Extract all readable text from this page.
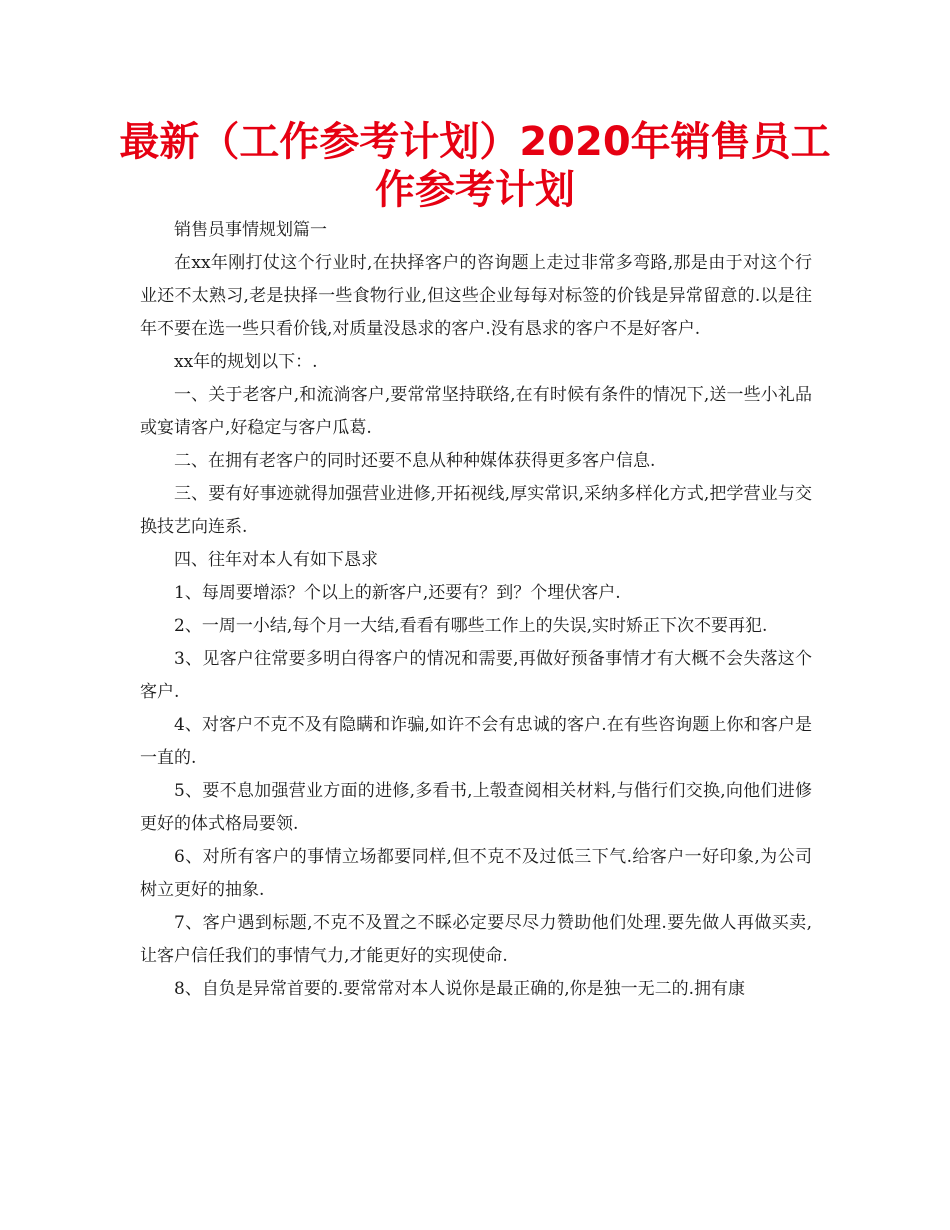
最新（工作参考计划）2020年销售员工作参考计划

销售员事情规划篇一

在xx年刚打仗这个行业时,在抉择客户的咨询题上走过非常多弯路,那是由于对这个行业还不太熟习,老是抉择一些食物行业,但这些企业每每对标签的价钱是异常留意的.以是往年不要在选一些只看价钱,对质量没恳求的客户.没有恳求的客户不是好客户.

xx年的规划以下：.

一、关于老客户,和流淌客户,要常常坚持联络,在有时候有条件的情况下,送一些小礼品或宴请客户,好稳定与客户瓜葛.

二、在拥有老客户的同时还要不息从种种媒体获得更多客户信息.

三、要有好事迹就得加强营业进修,开拓视线,厚实常识,采纳多样化方式,把学营业与交换技艺向连系.

四、往年对本人有如下恳求

1、每周要增添？个以上的新客户,还要有？到？个埋伏客户.

2、一周一小结,每个月一大结,看看有哪些工作上的失误,实时矫正下次不要再犯.

3、见客户往常要多明白得客户的情况和需要,再做好预备事情才有大概不会失落这个客户.

4、对客户不克不及有隐瞒和诈骗,如许不会有忠诚的客户.在有些咨询题上你和客户是一直的.

5、要不息加强营业方面的进修,多看书,上彀查阅相关材料,与偕行们交换,向他们进修更好的体式格局要领.

6、对所有客户的事情立场都要同样,但不克不及过低三下气.给客户一好印象,为公司树立更好的抽象.

7、客户遇到标题,不克不及置之不睬必定要尽尽力赞助他们处理.要先做人再做买卖,让客户信任我们的事情气力,才能更好的实现使命.

8、自负是异常首要的.要常常对本人说你是最正确的,你是独一无二的.拥有康
